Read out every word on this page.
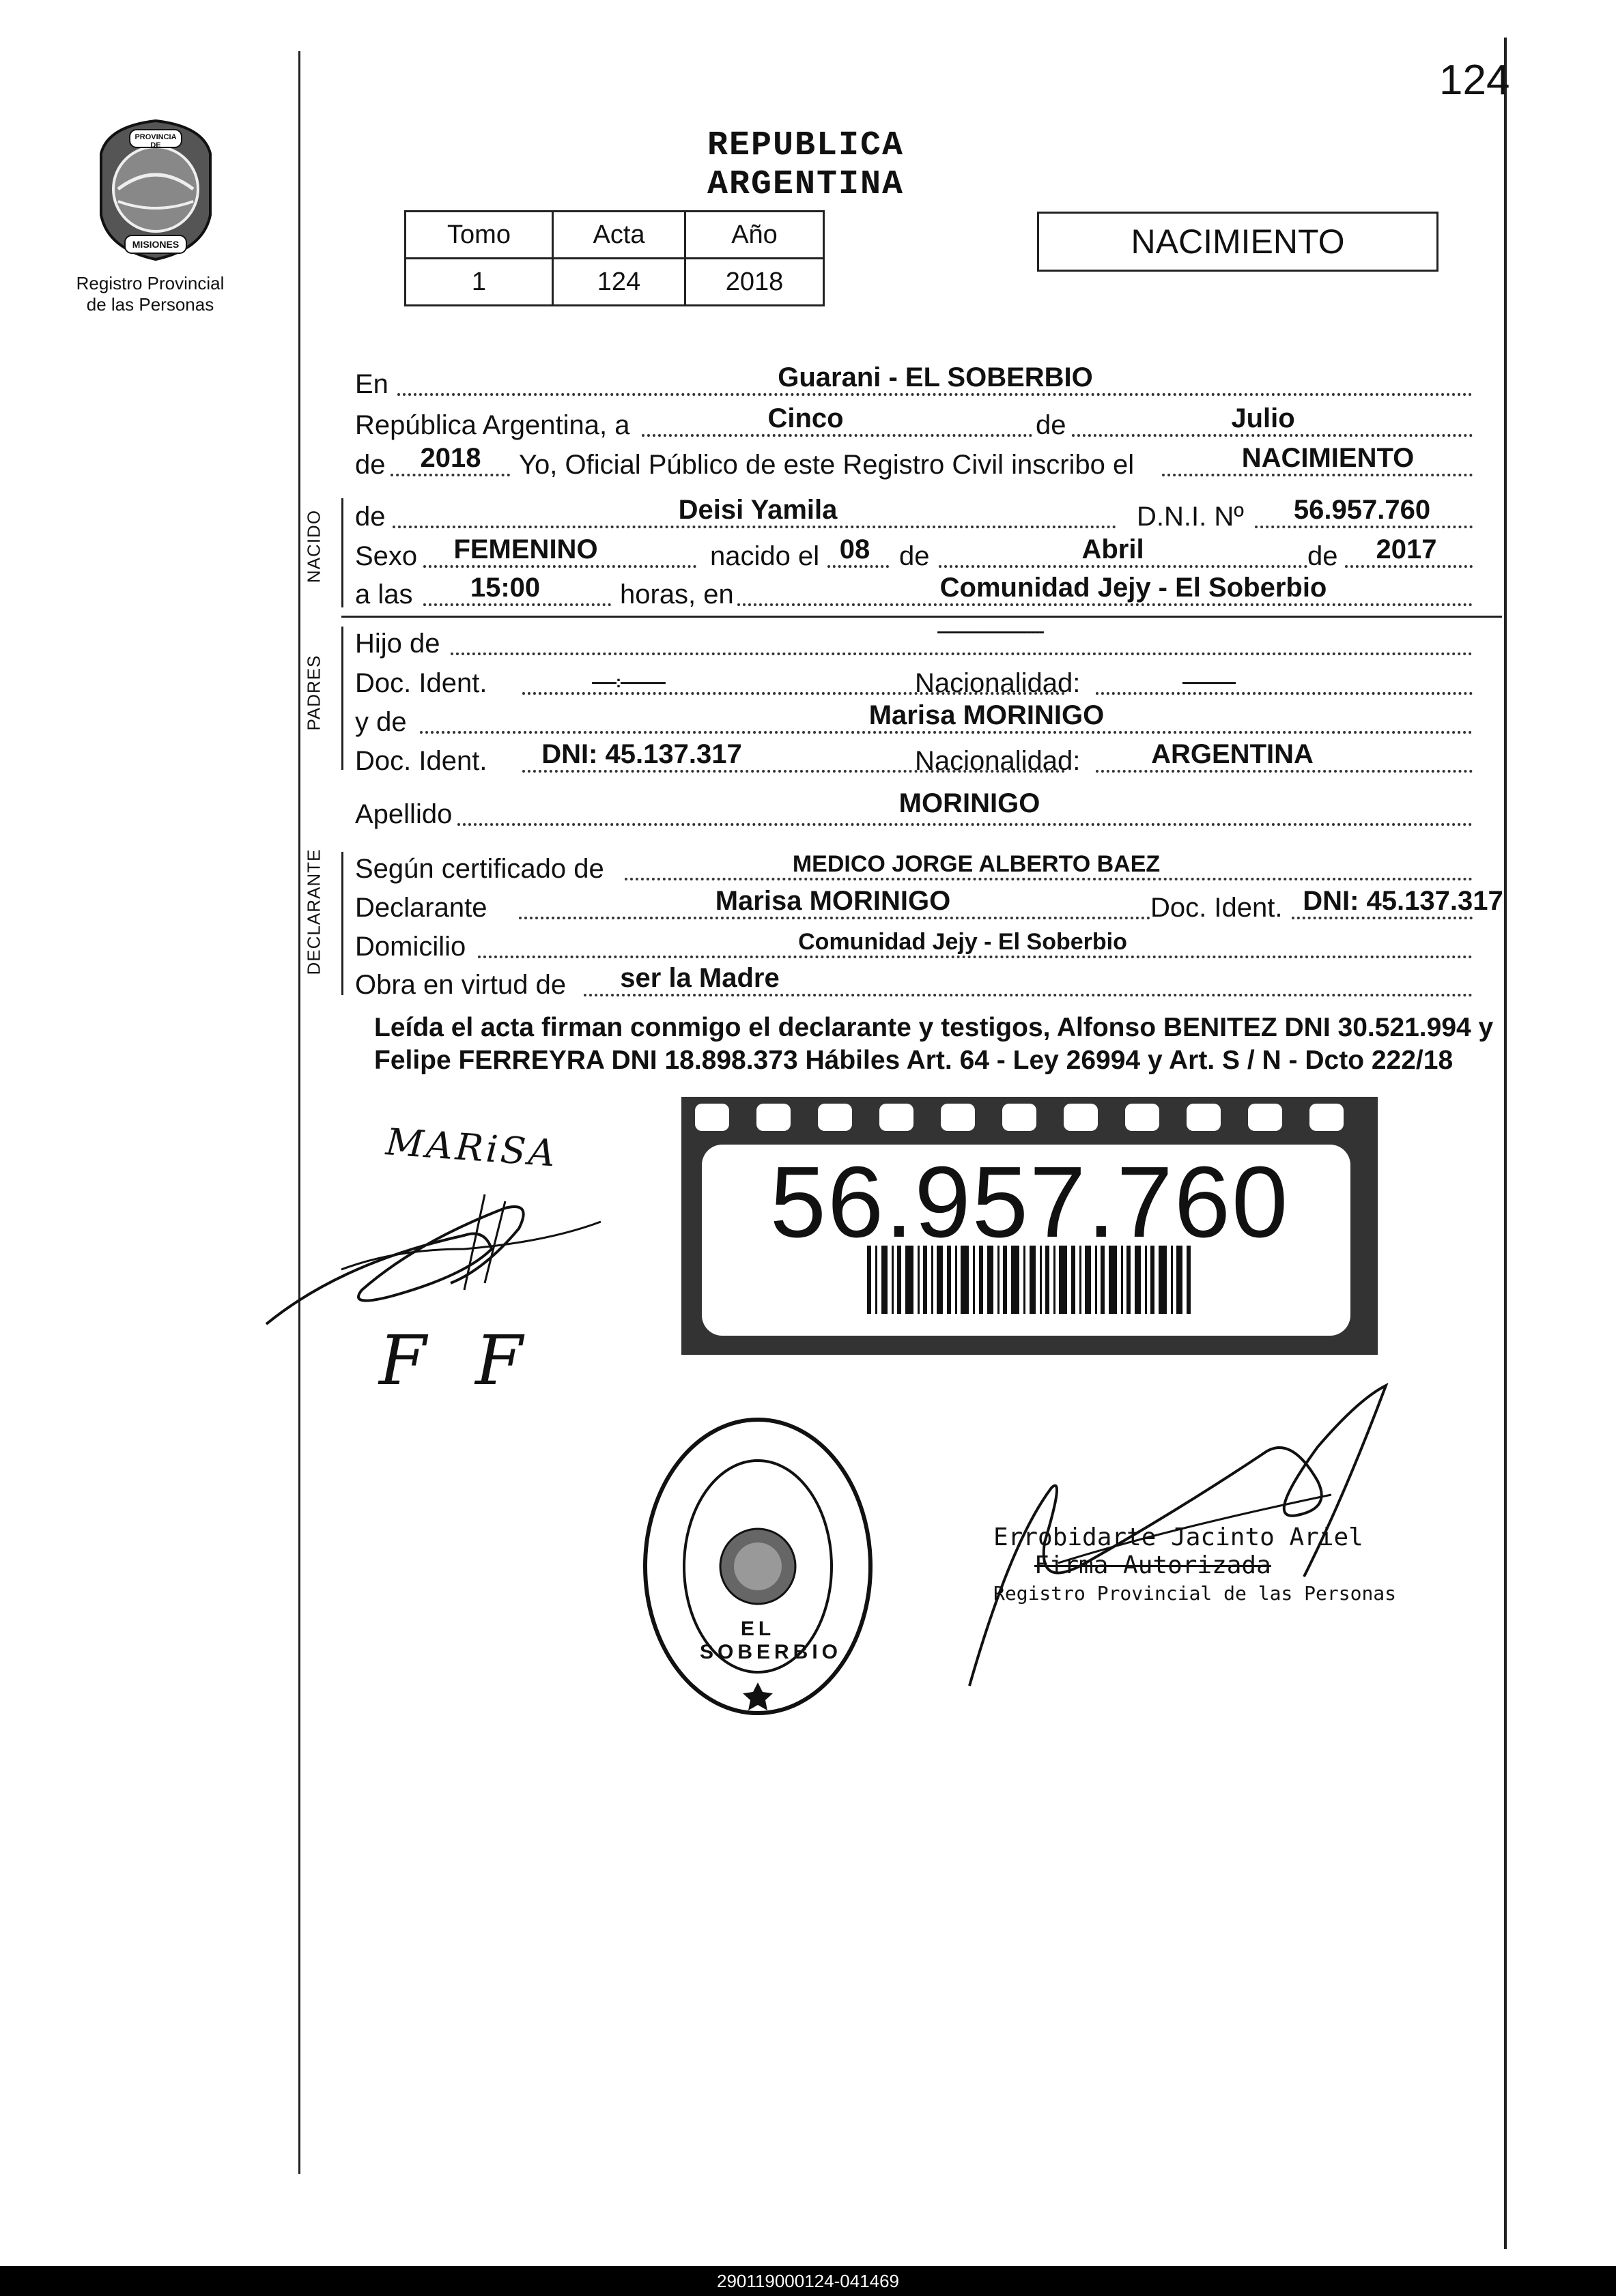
124
PROVINCIA DE
MISIONES
Registro Provincial
de las Personas
REPUBLICA ARGENTINA
Tomo	Acta	Año
1	124	2018
NACIMIENTO
En	Guarani - EL SOBERBIO
República Argentina, a	Cinco	de	Julio
de	2018	Yo, Oficial Público de este Registro Civil inscribo el	NACIMIENTO
NACIDO de	Deisi Yamila	D.N.I. Nº	56.957.760
Sexo	FEMENINO	nacido el 08	de	Abril	de	2017
a las	15:00	horas, en	Comunidad Jejy - El Soberbio
PADRES
Hijo de	--------------------------
Doc. Ident.	------:-----------	Nacionalidad:	-------------
y de	Marisa MORINIGO
Doc. Ident.	DNI: 45.137.317	Nacionalidad:	ARGENTINA
Apellido	MORINIGO
DECLARANTE Según certificado de	MEDICO JORGE ALBERTO BAEZ
Declarante	Marisa MORINIGO	Doc. Ident. DNI: 45.137.317
Domicilio	Comunidad Jejy - El Soberbio
Obra en virtud de	ser la Madre
Leída el acta firman conmigo el declarante y testigos, Alfonso BENITEZ DNI 30.521.994 y Felipe FERREYRA DNI 18.898.373 Hábiles Art. 64 - Ley 26994 y Art. S / N - Dcto 222/18
MARiSA
F F
56.957.760
EL SOBERBIO
Errobidarte Jacinto Ariel
Firma Autorizada
Registro Provincial de las Personas
290119000124-041469
